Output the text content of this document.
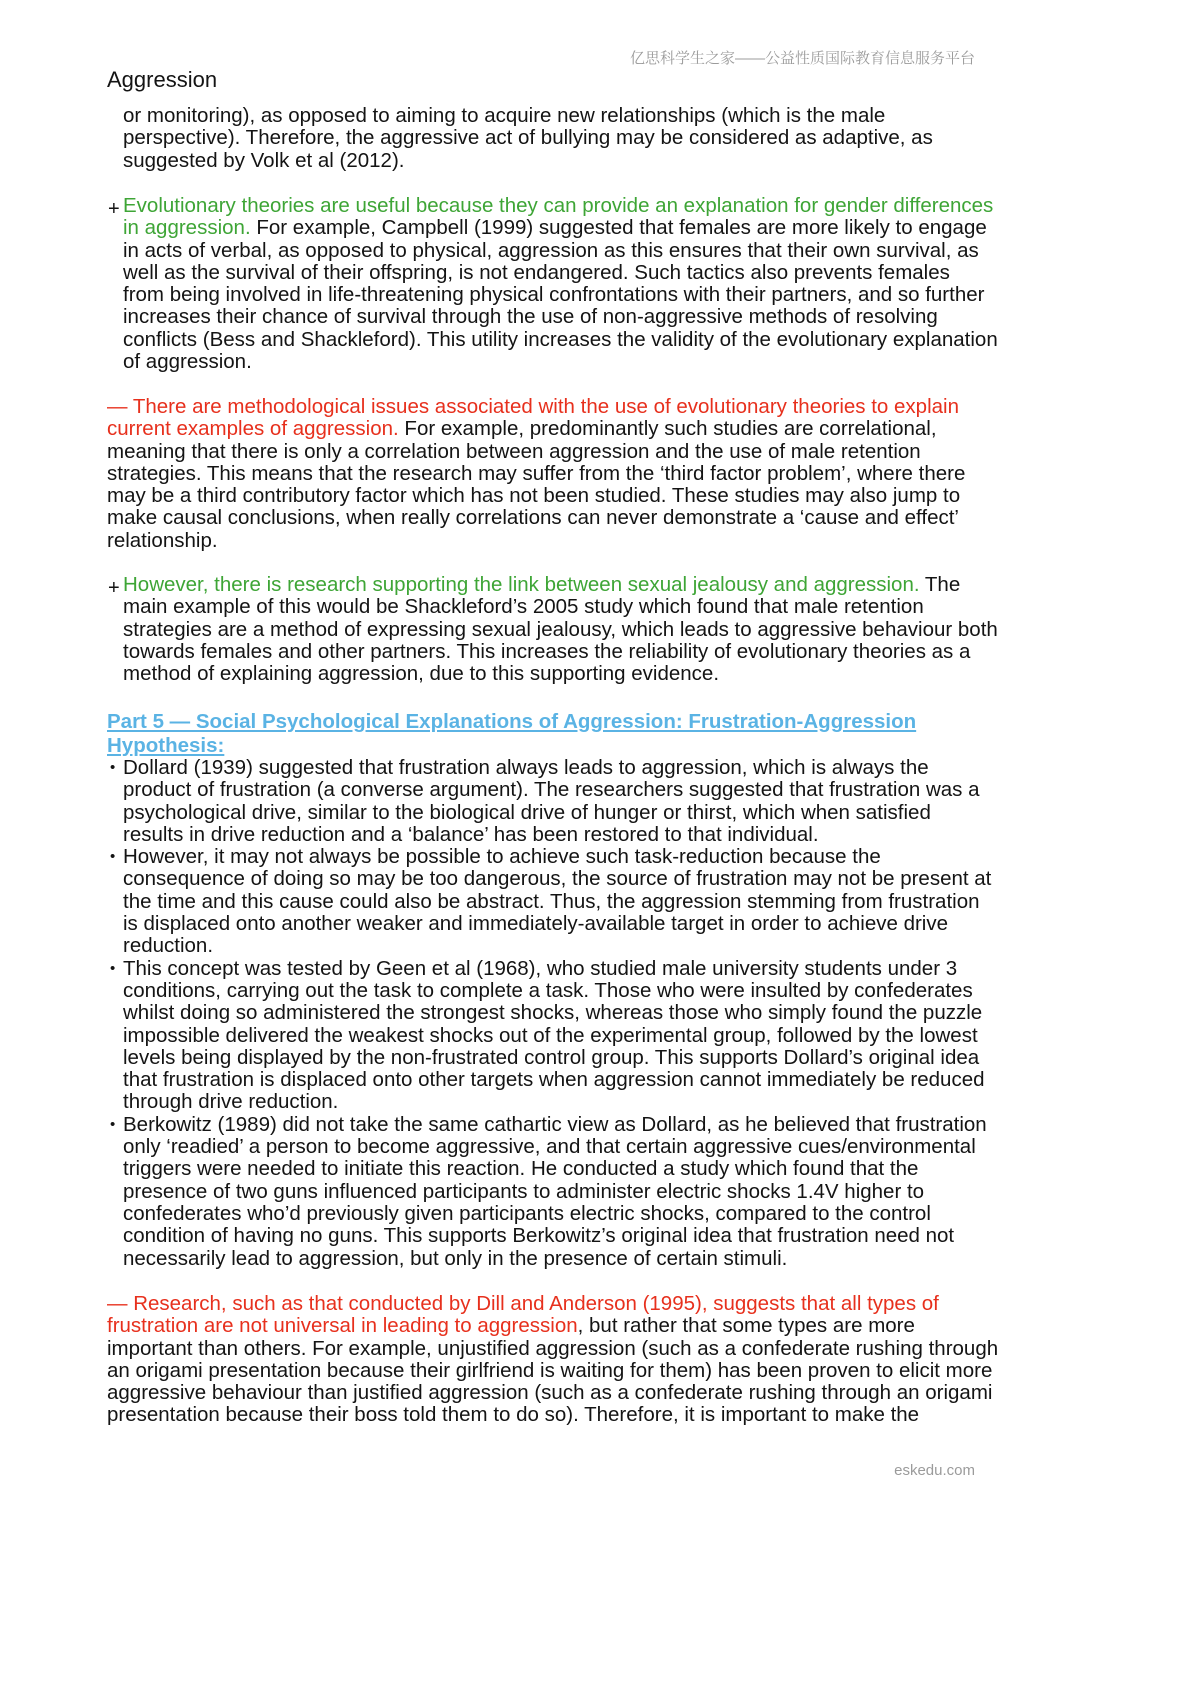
亿思科学生之家——公益性质国际教育信息服务平台
Aggression
or monitoring), as opposed to aiming to acquire new relationships (which is the male
perspective). Therefore, the aggressive act of bullying may be considered as adaptive, as
suggested by Volk et al (2012).
+ Evolutionary theories are useful because they can provide an explanation for gender differences
in aggression. For example, Campbell (1999) suggested that females are more likely to engage
in acts of verbal, as opposed to physical, aggression as this ensures that their own survival, as
well as the survival of their offspring, is not endangered. Such tactics also prevents females
from being involved in life-threatening physical confrontations with their partners, and so further
increases their chance of survival through the use of non-aggressive methods of resolving
conflicts (Bess and Shackleford). This utility increases the validity of the evolutionary explanation
of aggression.
— There are methodological issues associated with the use of evolutionary theories to explain
current examples of aggression. For example, predominantly such studies are correlational,
meaning that there is only a correlation between aggression and the use of male retention
strategies. This means that the research may suffer from the ‘third factor problem’, where there
may be a third contributory factor which has not been studied. These studies may also jump to
make causal conclusions, when really correlations can never demonstrate a ‘cause and effect’
relationship.
+ However, there is research supporting the link between sexual jealousy and aggression. The
main example of this would be Shackleford’s 2005 study which found that male retention
strategies are a method of expressing sexual jealousy, which leads to aggressive behaviour both
towards females and other partners. This increases the reliability of evolutionary theories as a
method of explaining aggression, due to this supporting evidence.
Part 5 — Social Psychological Explanations of Aggression: Frustration-Aggression
Hypothesis:
• Dollard (1939) suggested that frustration always leads to aggression, which is always the
product of frustration (a converse argument). The researchers suggested that frustration was a
psychological drive, similar to the biological drive of hunger or thirst, which when satisfied
results in drive reduction and a ‘balance’ has been restored to that individual.
• However, it may not always be possible to achieve such task-reduction because the
consequence of doing so may be too dangerous, the source of frustration may not be present at
the time and this cause could also be abstract. Thus, the aggression stemming from frustration
is displaced onto another weaker and immediately-available target in order to achieve drive
reduction.
• This concept was tested by Geen et al (1968), who studied male university students under 3
conditions, carrying out the task to complete a task. Those who were insulted by confederates
whilst doing so administered the strongest shocks, whereas those who simply found the puzzle
impossible delivered the weakest shocks out of the experimental group, followed by the lowest
levels being displayed by the non-frustrated control group. This supports Dollard’s original idea
that frustration is displaced onto other targets when aggression cannot immediately be reduced
through drive reduction.
• Berkowitz (1989) did not take the same cathartic view as Dollard, as he believed that frustration
only ‘readied’ a person to become aggressive, and that certain aggressive cues/environmental
triggers were needed to initiate this reaction. He conducted a study which found that the
presence of two guns influenced participants to administer electric shocks 1.4V higher to
confederates who’d previously given participants electric shocks, compared to the control
condition of having no guns. This supports Berkowitz’s original idea that frustration need not
necessarily lead to aggression, but only in the presence of certain stimuli.
— Research, such as that conducted by Dill and Anderson (1995), suggests that all types of
frustration are not universal in leading to aggression, but rather that some types are more
important than others. For example, unjustified aggression (such as a confederate rushing through
an origami presentation because their girlfriend is waiting for them) has been proven to elicit more
aggressive behaviour than justified aggression (such as a confederate rushing through an origami
presentation because their boss told them to do so). Therefore, it is important to make the
eskedu.com
